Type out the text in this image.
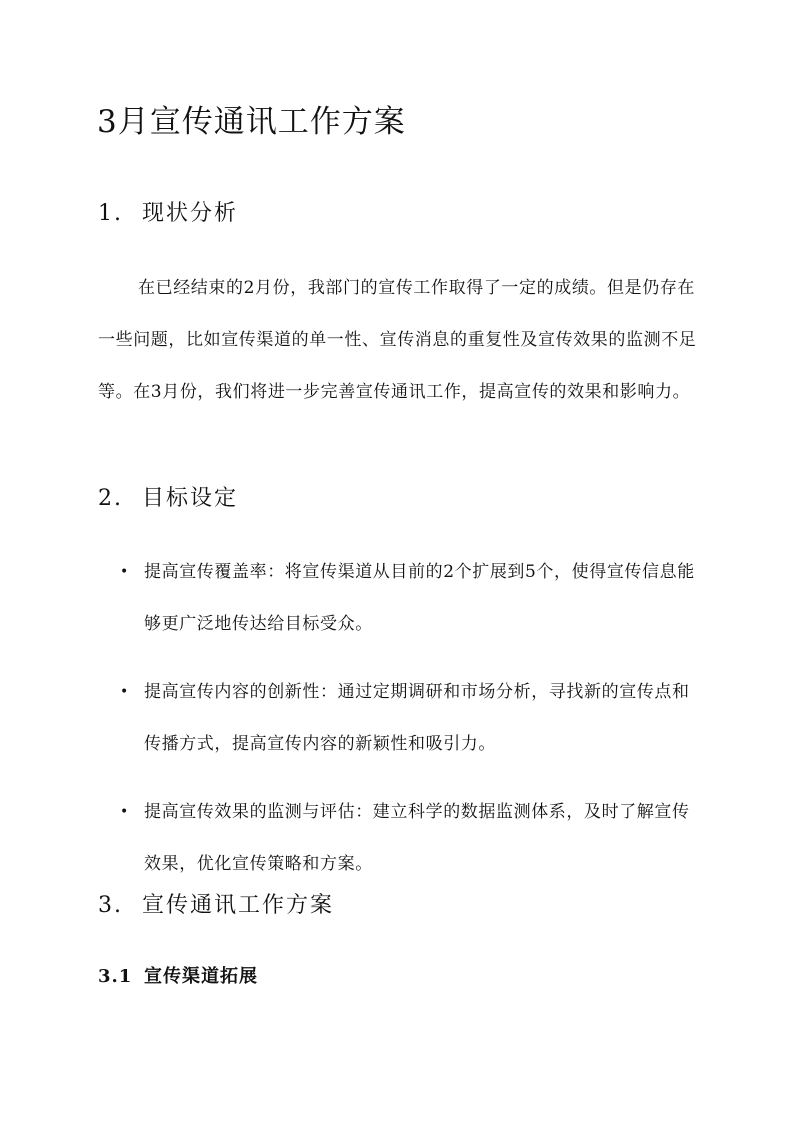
3月宣传通讯工作方案
1. 现状分析

在已经结束的2月份，我部门的宣传工作取得了一定的成绩。但是仍存在一些问题，比如宣传渠道的单一性、宣传消息的重复性及宣传效果的监测不足等。在3月份，我们将进一步完善宣传通讯工作，提高宣传的效果和影响力。

2. 目标设定
• 提高宣传覆盖率：将宣传渠道从目前的2个扩展到5个，使得宣传信息能够更广泛地传达给目标受众。
• 提高宣传内容的创新性：通过定期调研和市场分析，寻找新的宣传点和传播方式，提高宣传内容的新颖性和吸引力。
• 提高宣传效果的监测与评估：建立科学的数据监测体系，及时了解宣传效果，优化宣传策略和方案。
3. 宣传通讯工作方案
3.1 宣传渠道拓展
